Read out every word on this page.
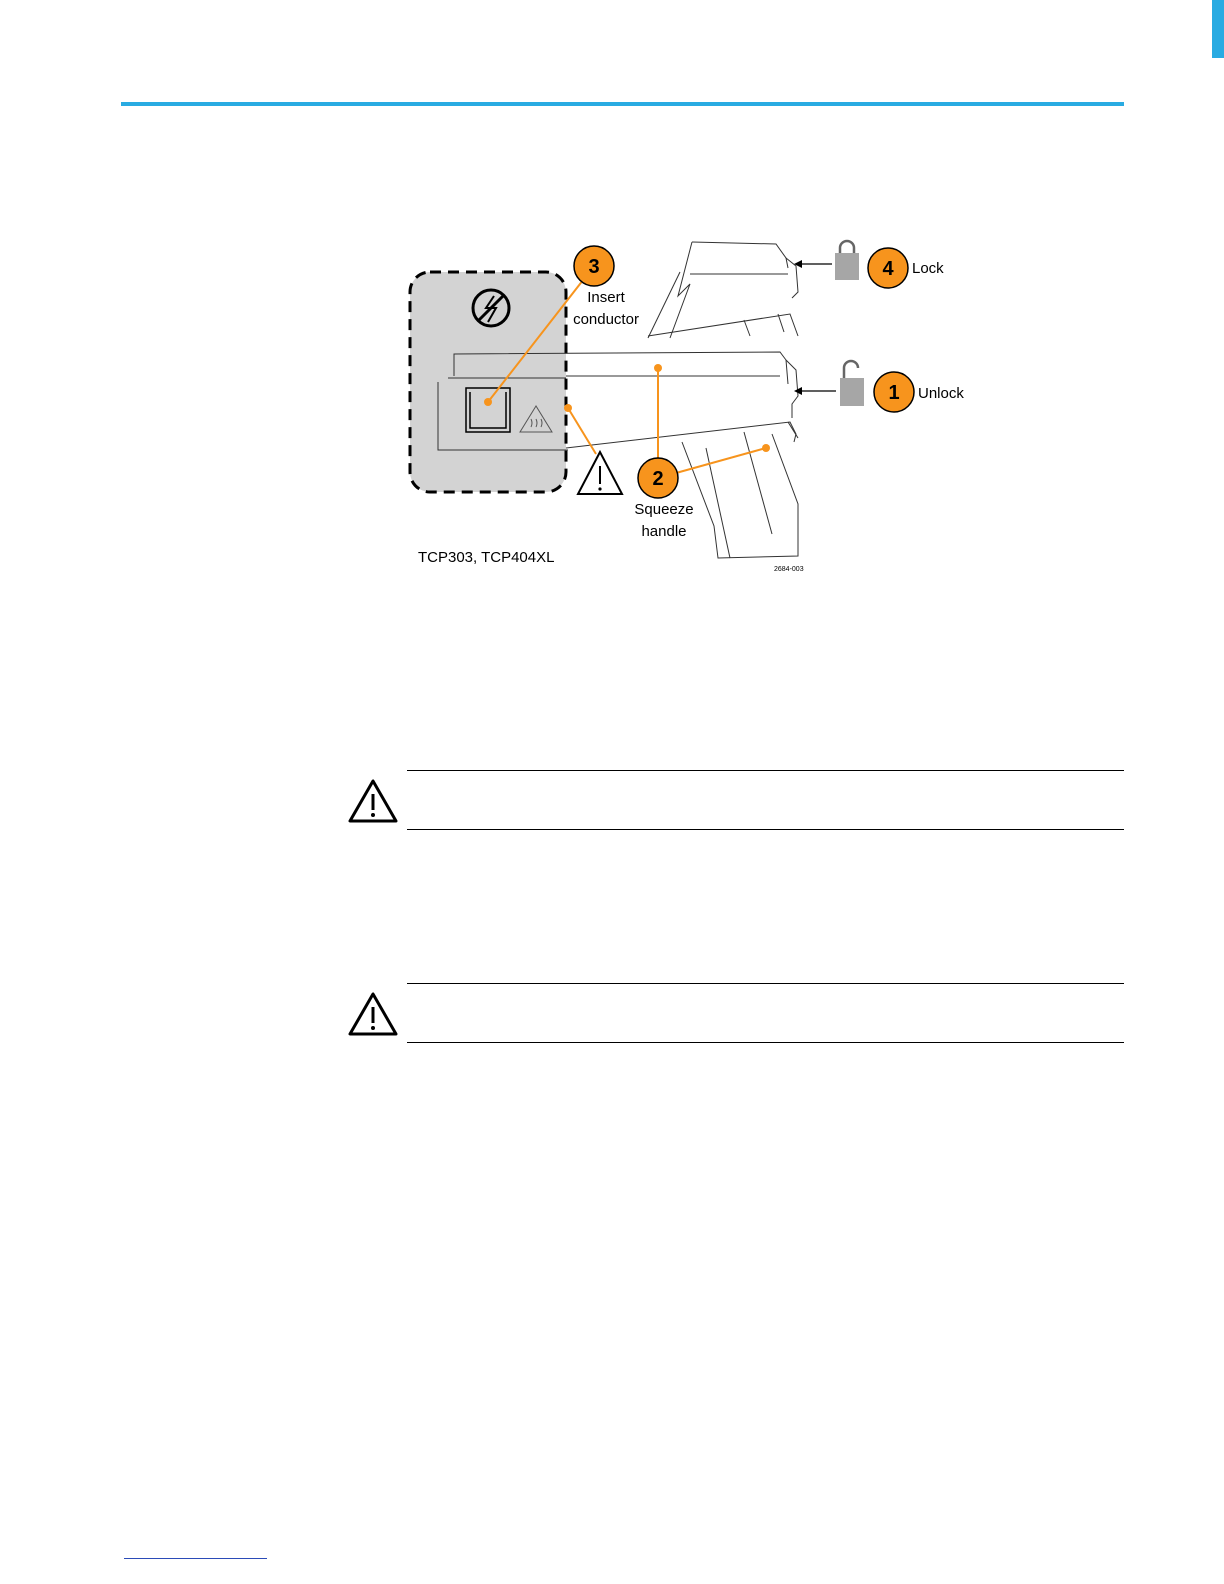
3
Insert
conductor
4 Lock
1 Unlock
2
Squeeze
handle
TCP303, TCP404XL
2684-003
